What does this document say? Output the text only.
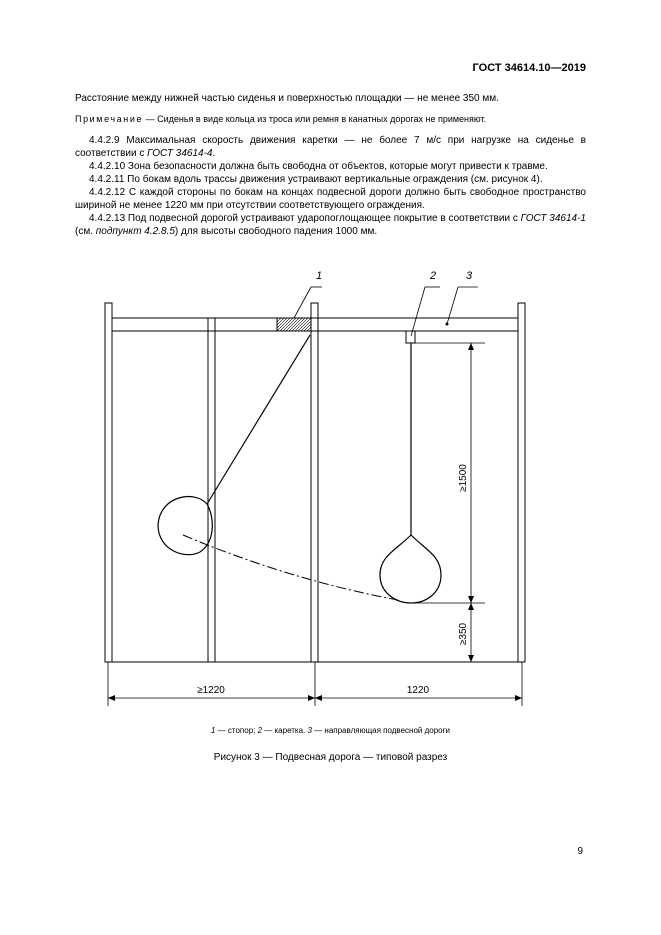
ГОСТ 34614.10—2019

Расстояние между нижней частью сиденья и поверхностью площадки — не менее 350 мм.

Примечание — Сиденья в виде кольца из троса или ремня в канатных дорогах не применяют.

4.4.2.9 Максимальная скорость движения каретки — не более 7 м/с при нагрузке на сиденье в соответствии с ГОСТ 34614-4.

4.4.2.10 Зона безопасности должна быть свободна от объектов, которые могут привести к травме.

4.4.2.11 По бокам вдоль трассы движения устраивают вертикальные ограждения (см. рисунок 4).

4.4.2.12 С каждой стороны по бокам на концах подвесной дороги должно быть свободное пространство шириной не менее 1220 мм при отсутствии соответствующего ограждения.

4.4.2.13 Под подвесной дорогой устраивают ударопоглощающее покрытие в соответствии с ГОСТ 34614-1 (см. подпункт 4.2.8.5) для высоты свободного падения 1000 мм.

1	2	3
≥1500
≥350
≥1220	1220
1 — стопор; 2 — каретка. 3 — направляющая подвесной дороги
Рисунок 3 — Подвесная дорога — типовой разрез
9
